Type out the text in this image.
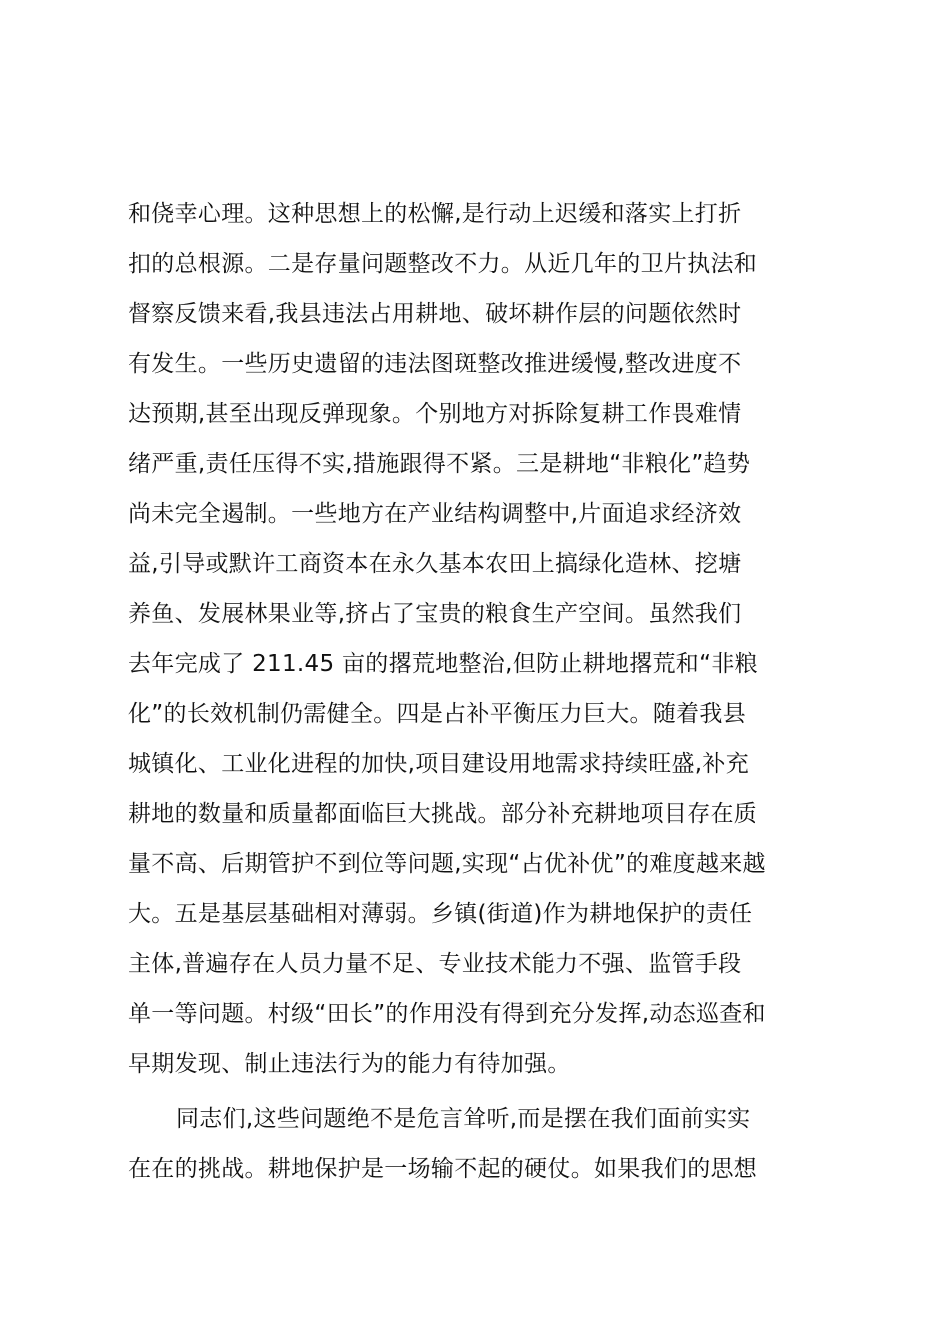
和侥幸心理。这种思想上的松懈,是行动上迟缓和落实上打折
扣的总根源。二是存量问题整改不力。从近几年的卫片执法和
督察反馈来看,我县违法占用耕地、破坏耕作层的问题依然时
有发生。一些历史遗留的违法图斑整改推进缓慢,整改进度不
达预期,甚至出现反弹现象。个别地方对拆除复耕工作畏难情
绪严重,责任压得不实,措施跟得不紧。三是耕地“非粮化”趋势
尚未完全遏制。一些地方在产业结构调整中,片面追求经济效
益,引导或默许工商资本在永久基本农田上搞绿化造林、挖塘
养鱼、发展林果业等,挤占了宝贵的粮食生产空间。虽然我们
去年完成了 211.45 亩的撂荒地整治,但防止耕地撂荒和“非粮
化”的长效机制仍需健全。四是占补平衡压力巨大。随着我县
城镇化、工业化进程的加快,项目建设用地需求持续旺盛,补充
耕地的数量和质量都面临巨大挑战。部分补充耕地项目存在质
量不高、后期管护不到位等问题,实现“占优补优”的难度越来越
大。五是基层基础相对薄弱。乡镇(街道)作为耕地保护的责任
主体,普遍存在人员力量不足、专业技术能力不强、监管手段
单一等问题。村级“田长”的作用没有得到充分发挥,动态巡查和
早期发现、制止违法行为的能力有待加强。
同志们,这些问题绝不是危言耸听,而是摆在我们面前实实
在在的挑战。耕地保护是一场输不起的硬仗。如果我们的思想
